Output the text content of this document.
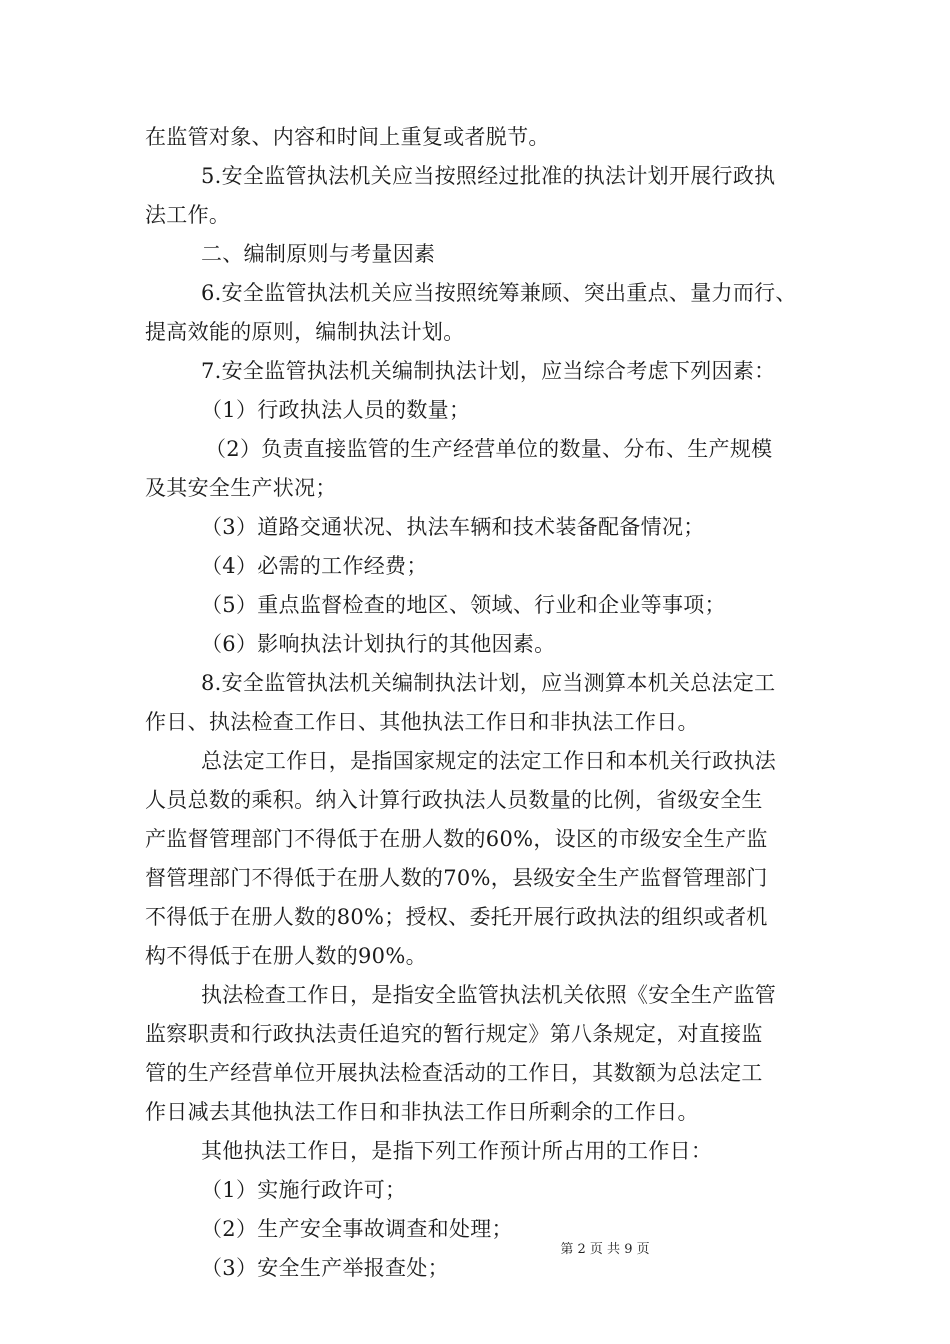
在监管对象、内容和时间上重复或者脱节。
5.安全监管执法机关应当按照经过批准的执法计划开展行政执
法工作。
二、编制原则与考量因素
6.安全监管执法机关应当按照统筹兼顾、突出重点、量力而行、
提高效能的原则，编制执法计划。
7.安全监管执法机关编制执法计划，应当综合考虑下列因素：
（1）行政执法人员的数量；
（2）负责直接监管的生产经营单位的数量、分布、生产规模
及其安全生产状况；
（3）道路交通状况、执法车辆和技术装备配备情况；
（4）必需的工作经费；
（5）重点监督检查的地区、领域、行业和企业等事项；
（6）影响执法计划执行的其他因素。
8.安全监管执法机关编制执法计划，应当测算本机关总法定工
作日、执法检查工作日、其他执法工作日和非执法工作日。
总法定工作日，是指国家规定的法定工作日和本机关行政执法
人员总数的乘积。纳入计算行政执法人员数量的比例，省级安全生
产监督管理部门不得低于在册人数的60%，设区的市级安全生产监
督管理部门不得低于在册人数的70%，县级安全生产监督管理部门
不得低于在册人数的80%；授权、委托开展行政执法的组织或者机
构不得低于在册人数的90%。
执法检查工作日，是指安全监管执法机关依照《安全生产监管
监察职责和行政执法责任追究的暂行规定》第八条规定，对直接监
管的生产经营单位开展执法检查活动的工作日，其数额为总法定工
作日减去其他执法工作日和非执法工作日所剩余的工作日。
其他执法工作日，是指下列工作预计所占用的工作日：
（1）实施行政许可；
（2）生产安全事故调查和处理；
（3）安全生产举报查处；
第 2 页 共 9 页
